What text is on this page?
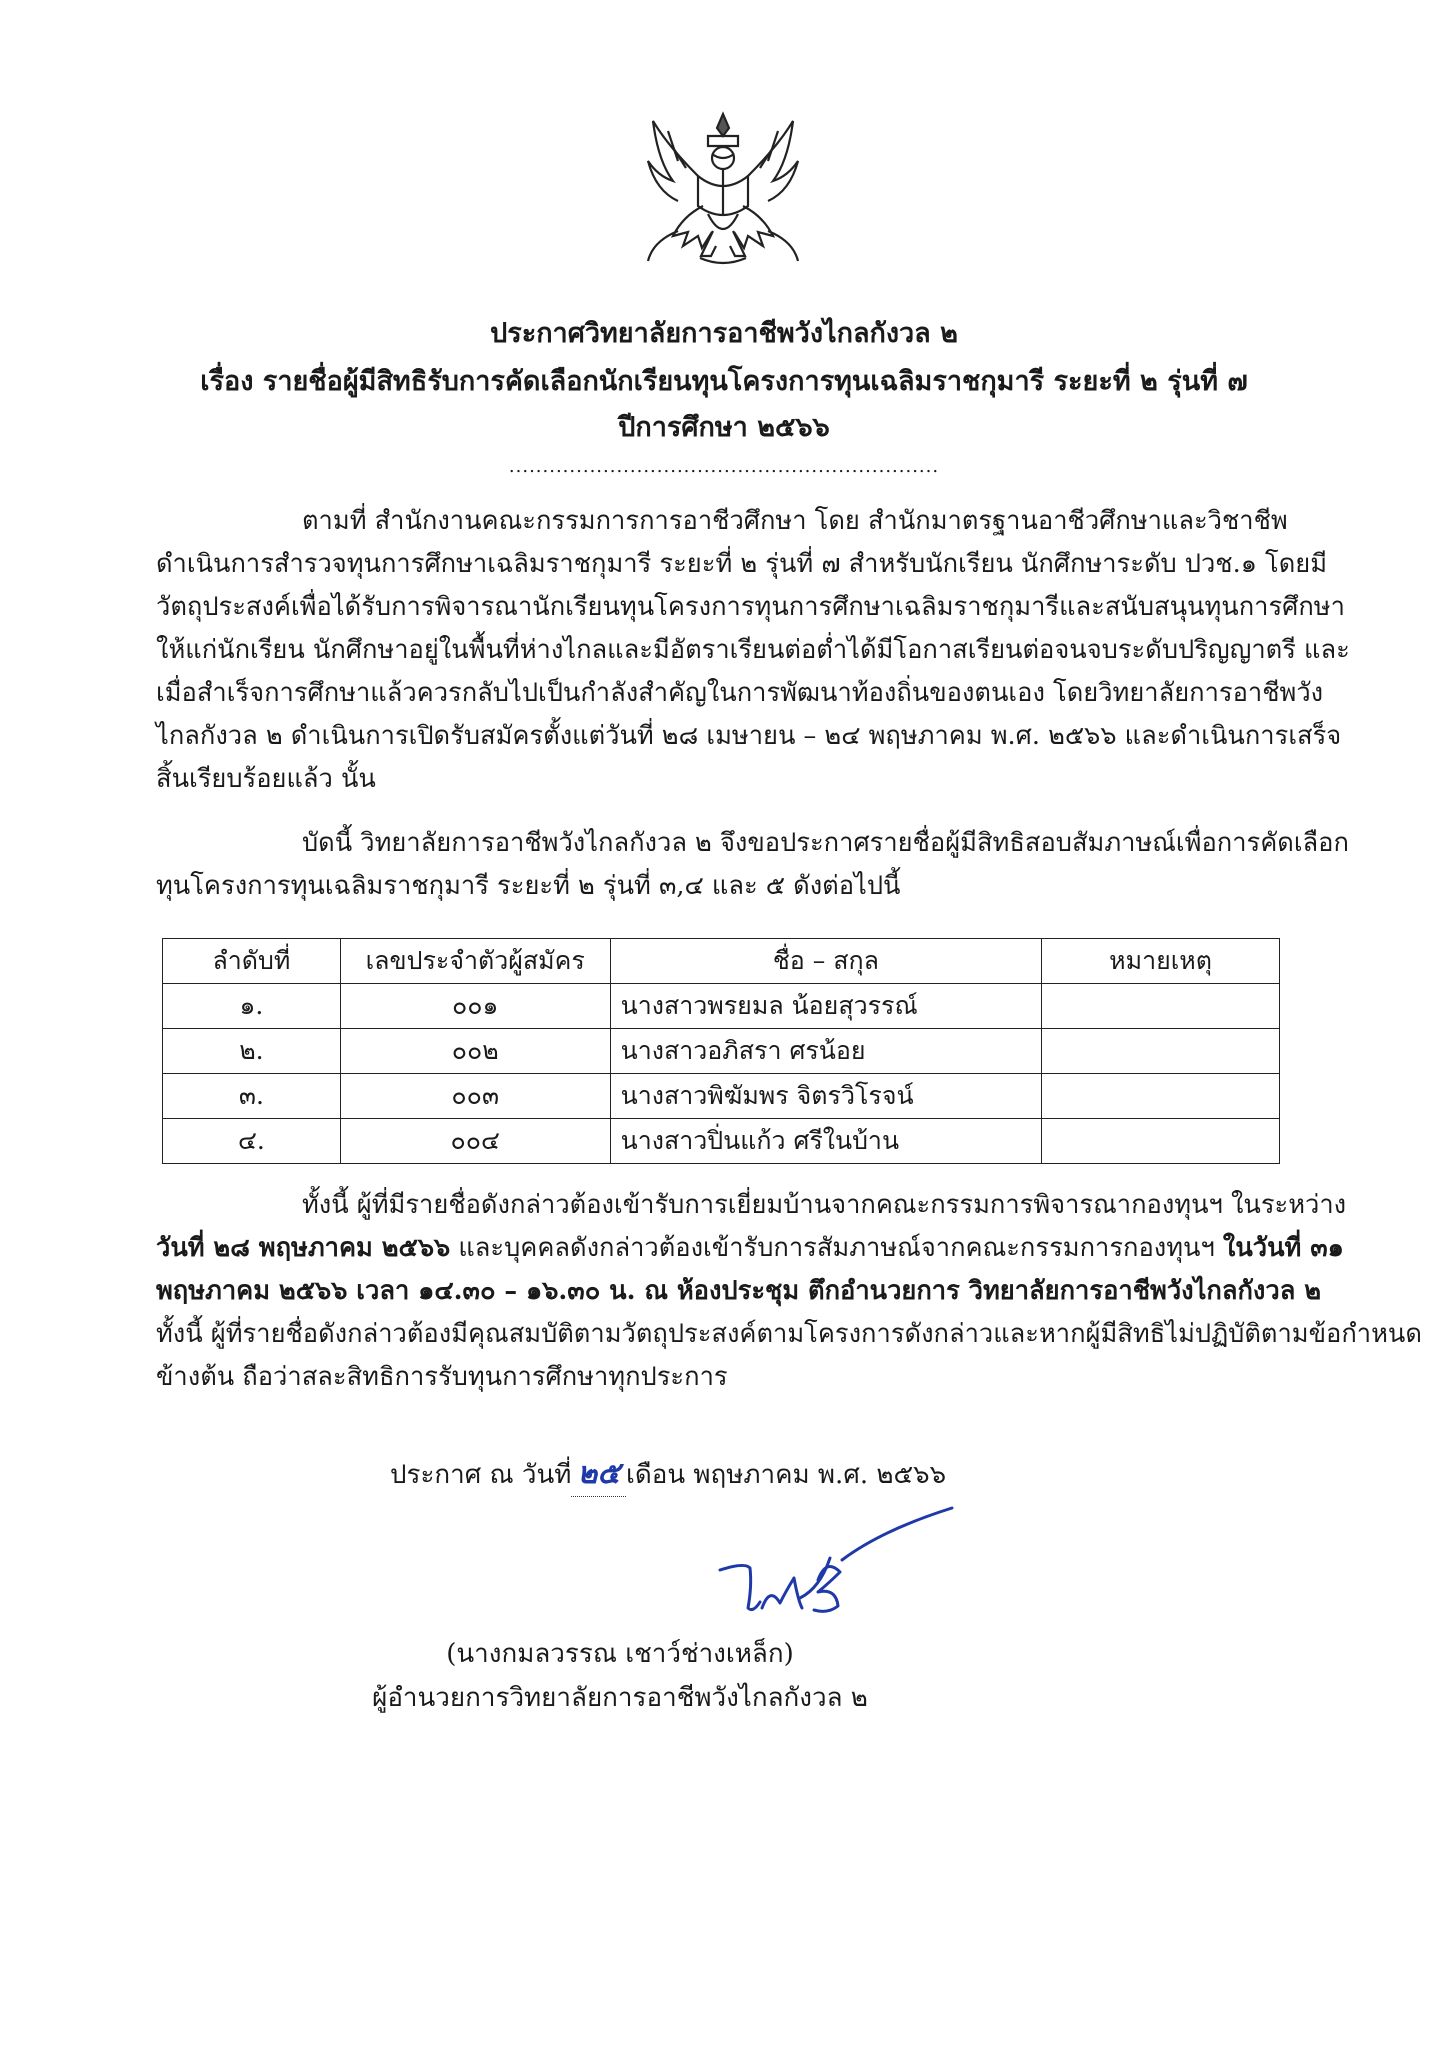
ประกาศวิทยาลัยการอาชีพวังไกลกังวล ๒
เรื่อง รายชื่อผู้มีสิทธิรับการคัดเลือกนักเรียนทุนโครงการทุนเฉลิมราชกุมารี ระยะที่ ๒ รุ่นที่ ๗
ปีการศึกษา ๒๕๖๖
................................................................
ตามที่ สำนักงานคณะกรรมการการอาชีวศึกษา โดย สำนักมาตรฐานอาชีวศึกษาและวิชาชีพ
ดำเนินการสำรวจทุนการศึกษาเฉลิมราชกุมารี ระยะที่ ๒ รุ่นที่ ๗ สำหรับนักเรียน นักศึกษาระดับ ปวช.๑ โดยมี
วัตถุประสงค์เพื่อได้รับการพิจารณานักเรียนทุนโครงการทุนการศึกษาเฉลิมราชกุมารีและสนับสนุนทุนการศึกษา
ให้แก่นักเรียน นักศึกษาอยู่ในพื้นที่ห่างไกลและมีอัตราเรียนต่อต่ำได้มีโอกาสเรียนต่อจนจบระดับปริญญาตรี และ
เมื่อสำเร็จการศึกษาแล้วควรกลับไปเป็นกำลังสำคัญในการพัฒนาท้องถิ่นของตนเอง โดยวิทยาลัยการอาชีพวัง
ไกลกังวล ๒ ดำเนินการเปิดรับสมัครตั้งแต่วันที่ ๒๘ เมษายน – ๒๔ พฤษภาคม พ.ศ. ๒๕๖๖ และดำเนินการเสร็จ
สิ้นเรียบร้อยแล้ว นั้น
บัดนี้ วิทยาลัยการอาชีพวังไกลกังวล ๒ จึงขอประกาศรายชื่อผู้มีสิทธิสอบสัมภาษณ์เพื่อการคัดเลือก
ทุนโครงการทุนเฉลิมราชกุมารี ระยะที่ ๒ รุ่นที่ ๓,๔ และ ๕ ดังต่อไปนี้
ลำดับที่	เลขประจำตัวผู้สมัคร	ชื่อ – สกุล	หมายเหตุ
๑.	๐๐๑	นางสาวพรยมล น้อยสุวรรณ์	
๒.	๐๐๒	นางสาวอภิสรา ศรน้อย	
๓.	๐๐๓	นางสาวพิฆัมพร จิตรวิโรจน์	
๔.	๐๐๔	นางสาวปิ่นแก้ว ศรีในบ้าน	
ทั้งนี้ ผู้ที่มีรายชื่อดังกล่าวต้องเข้ารับการเยี่ยมบ้านจากคณะกรรมการพิจารณากองทุนฯ ในระหว่าง
วันที่ ๒๘ พฤษภาคม ๒๕๖๖ และบุคคลดังกล่าวต้องเข้ารับการสัมภาษณ์จากคณะกรรมการกองทุนฯ ในวันที่ ๓๑
พฤษภาคม ๒๕๖๖ เวลา ๑๔.๓๐ – ๑๖.๓๐ น. ณ ห้องประชุม ตึกอำนวยการ วิทยาลัยการอาชีพวังไกลกังวล ๒
ทั้งนี้ ผู้ที่รายชื่อดังกล่าวต้องมีคุณสมบัติตามวัตถุประสงค์ตามโครงการดังกล่าวและหากผู้มีสิทธิไม่ปฏิบัติตามข้อกำหนด
ข้างต้น ถือว่าสละสิทธิการรับทุนการศึกษาทุกประการ
ประกาศ ณ วันที่ ๒๕ เดือน พฤษภาคม พ.ศ. ๒๕๖๖
(นางกมลวรรณ เชาว์ช่างเหล็ก)
ผู้อำนวยการวิทยาลัยการอาชีพวังไกลกังวล ๒
